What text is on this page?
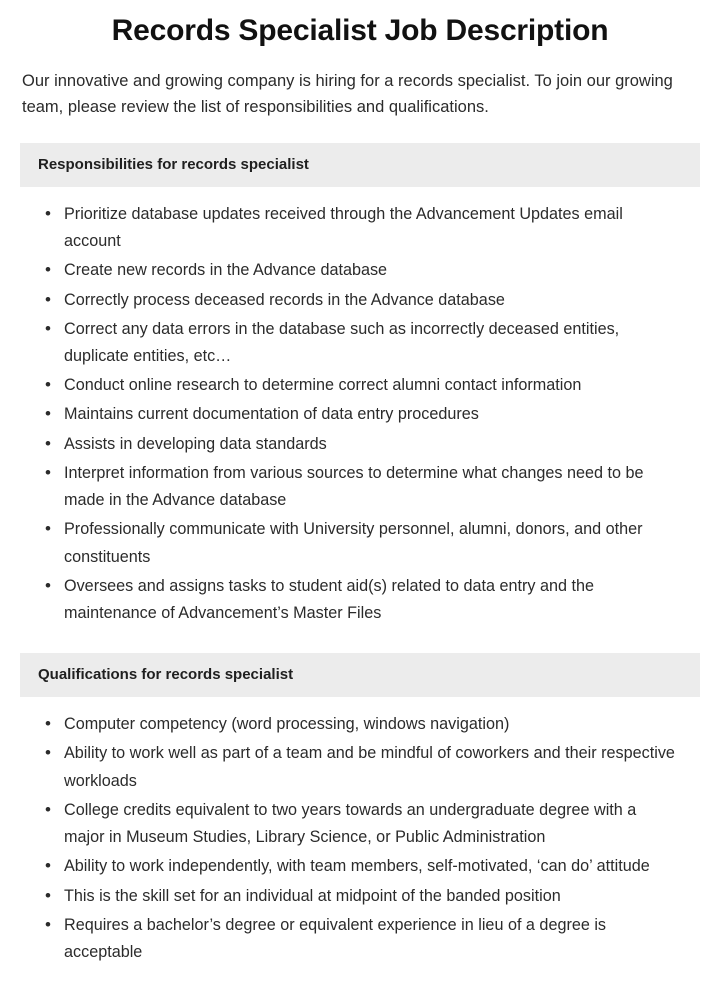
Records Specialist Job Description

Our innovative and growing company is hiring for a records specialist. To join our growing team, please review the list of responsibilities and qualifications.

Responsibilities for records specialist
• Prioritize database updates received through the Advancement Updates email account
• Create new records in the Advance database
• Correctly process deceased records in the Advance database
• Correct any data errors in the database such as incorrectly deceased entities, duplicate entities, etc…
• Conduct online research to determine correct alumni contact information
• Maintains current documentation of data entry procedures
• Assists in developing data standards
• Interpret information from various sources to determine what changes need to be made in the Advance database
• Professionally communicate with University personnel, alumni, donors, and other constituents
• Oversees and assigns tasks to student aid(s) related to data entry and the maintenance of Advancement’s Master Files
Qualifications for records specialist
• Computer competency (word processing, windows navigation)
• Ability to work well as part of a team and be mindful of coworkers and their respective workloads
• College credits equivalent to two years towards an undergraduate degree with a major in Museum Studies, Library Science, or Public Administration
• Ability to work independently, with team members, self-motivated, ‘can do’ attitude
• This is the skill set for an individual at midpoint of the banded position
• Requires a bachelor’s degree or equivalent experience in lieu of a degree is acceptable
